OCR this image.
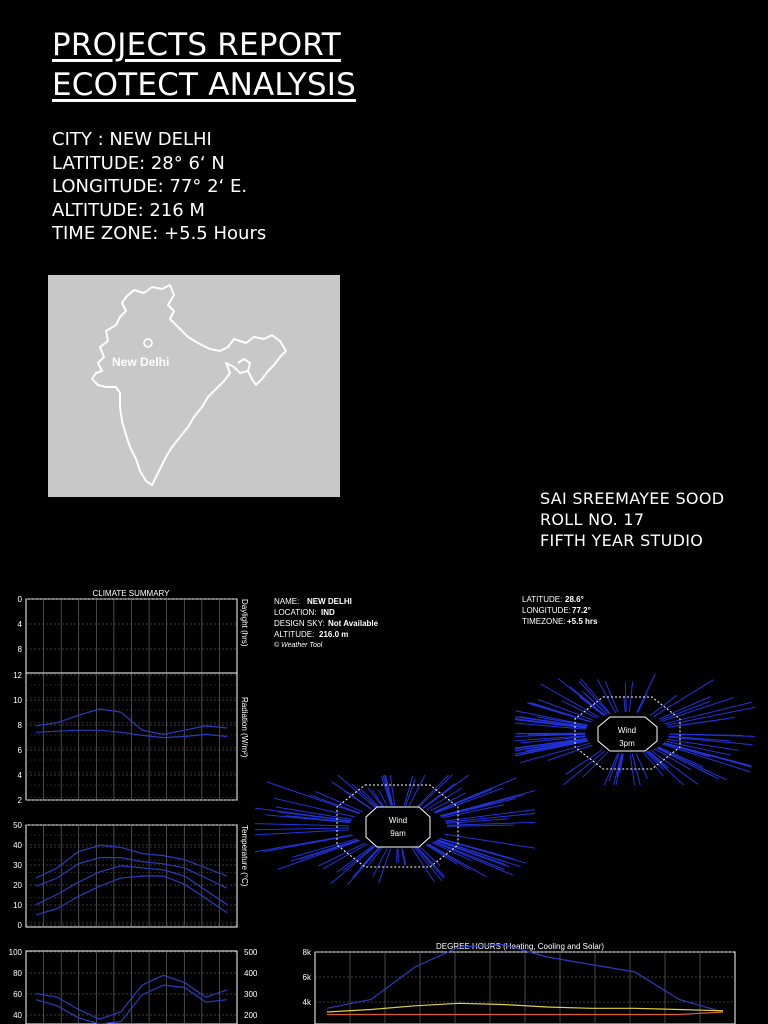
PROJECTS REPORT
ECOTECT ANALYSIS
CITY : NEW DELHI
LATITUDE: 28° 6‘ N
LONGITUDE: 77° 2‘ E.
ALTITUDE: 216 M
TIME ZONE: +5.5 Hours
New Delhi
SAI SREEMAYEE SOOD
ROLL NO. 17
FIFTH YEAR STUDIO
CLIMATE SUMMARY
0
4
8
12
10
8
6
4
2
50
40
30
20
10
0
100
80
60
40
500
400
300
200
Daylight (hrs)
Radiation (W/m²)
Temperature (°C)
NAME: NEW DELHI
LOCATION: IND
DESIGN SKY: Not Available
ALTITUDE: 216.0 m
© Weather Tool
LATITUDE: 28.6°
LONGITUDE:77.2°
TIMEZONE:+5.5 hrs
Wind
3pm
Wind
9am
DEGREE HOURS (Heating, Cooling and Solar)
8k
6k
4k
